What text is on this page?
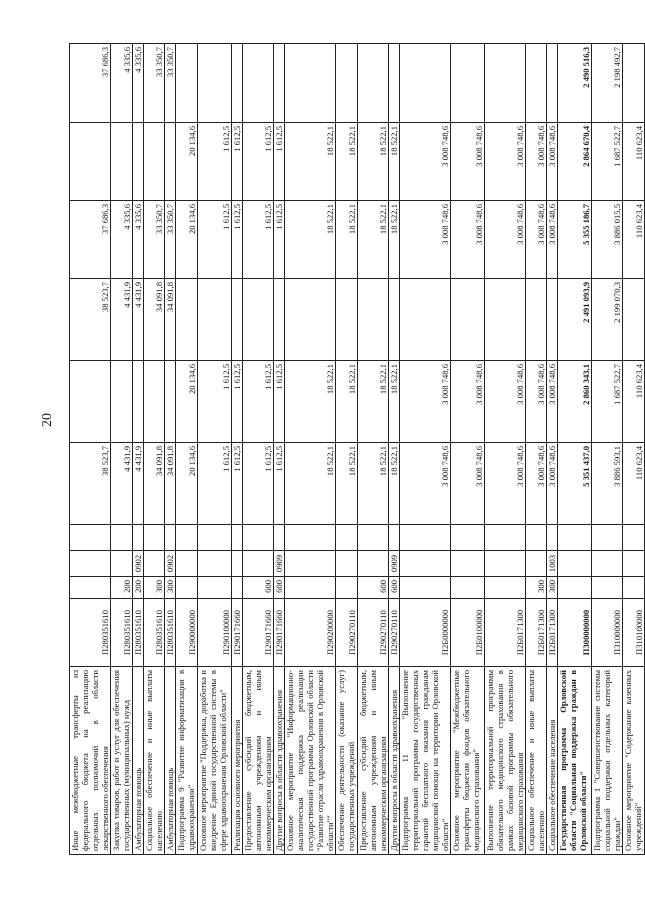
20
Иные межбюджетные трансферты из федерального бюджета на реализацию отдельных полномочий в области лекарственного обеспечения	П280351610				38 523,7		38 523,7	37 686,3		37 686,3
Закупка товаров, работ и услуг для обеспечения государственных (муниципальных) нужд	П280351610	200			4 431,9		4 431,9	4 335,6		4 335,6
Амбулаторная помощь	П280351610	200	0902		4 431,9		4 431,9	4 335,6		4 335,6
Социальное обеспечение и иные выплаты населению	П280351610	300			34 091,8		34 091,8	33 350,7		33 350,7
Амбулаторная помощь	П280351610	300	0902		34 091,8		34 091,8	33 350,7		33 350,7
Подпрограмма 9 "Развитие информатизации в здравоохранении"	П290000000				20 134,6	20 134,6		20 134,6	20 134,6	
Основное мероприятие "Поддержка, доработка и внедрение Единой государственной системы в сфере здравоохранения Орловской области"	П290100000				1 612,5	1 612,5		1 612,5	1 612,5	
Реализация основного мероприятия	П290171660				1 612,5	1 612,5		1 612,5	1 612,5	
Предоставление субсидий бюджетным, автономным учреждениям и иным некоммерческим организациям	П290171660	600			1 612,5	1 612,5		1 612,5	1 612,5	
Другие вопросы в области здравоохранения	П290171660	600	0909		1 612,5	1 612,5		1 612,5	1 612,5	
Основное мероприятие "Информационно-аналитическая поддержка реализации государственной программы Орловской области "Развитие отрасли здравоохранения в Орловской области""	П290200000				18 522,1	18 522,1		18 522,1	18 522,1	
Обеспечение деятельности (оказание услуг) государственных учреждений	П290270110				18 522,1	18 522,1		18 522,1	18 522,1	
Предоставление субсидий бюджетным, автономным учреждениям и иным некоммерческим организациям	П290270110	600			18 522,1	18 522,1		18 522,1	18 522,1	
Другие вопросы в области здравоохранения	П290270110	600	0909		18 522,1	18 522,1		18 522,1	18 522,1	
Подпрограмма 11 "Выполнение территориальной программы государственных гарантий бесплатного оказания гражданам медицинской помощи на территории Орловской области"	П2Б0000000				3 008 748,6	3 008 748,6		3 008 748,6	3 008 748,6	
Основное мероприятие "Межбюджетные трансферты бюджетам фондов обязательного медицинского страхования"	П2Б0100000				3 008 748,6	3 008 748,6		3 008 748,6	3 008 748,6	
Выполнение территориальной программы обязательного медицинского страхования в рамках базовой программы обязательного медицинского страхования	П2Б0171300				3 008 748,6	3 008 748,6		3 008 748,6	3 008 748,6	
Социальное обеспечение и иные выплаты населению	П2Б0171300	300			3 008 748,6	3 008 748,6		3 008 748,6	3 008 748,6	
Социальное обеспечение населения	П2Б0171300	300	1003		3 008 748,6	3 008 748,6		3 008 748,6	3 008 748,6	
Государственная программа Орловской области "Социальная поддержка граждан в Орловской области"	П300000000				5 351 437,0	2 860 343,1	2 491 093,9	5 355 186,7	2 864 670,4	2 490 516,3
Подпрограмма 1 "Совершенствование системы социальной поддержки отдельных категорий граждан"	П310000000				3 886 593,1	1 687 522,7	2 199 070,3	3 886 015,5	1 687 522,7	2 198 492,7
Основное мероприятие "Содержание казенных учреждений"	П310100000				110 623,4	110 623,4		110 623,4	110 623,4	
